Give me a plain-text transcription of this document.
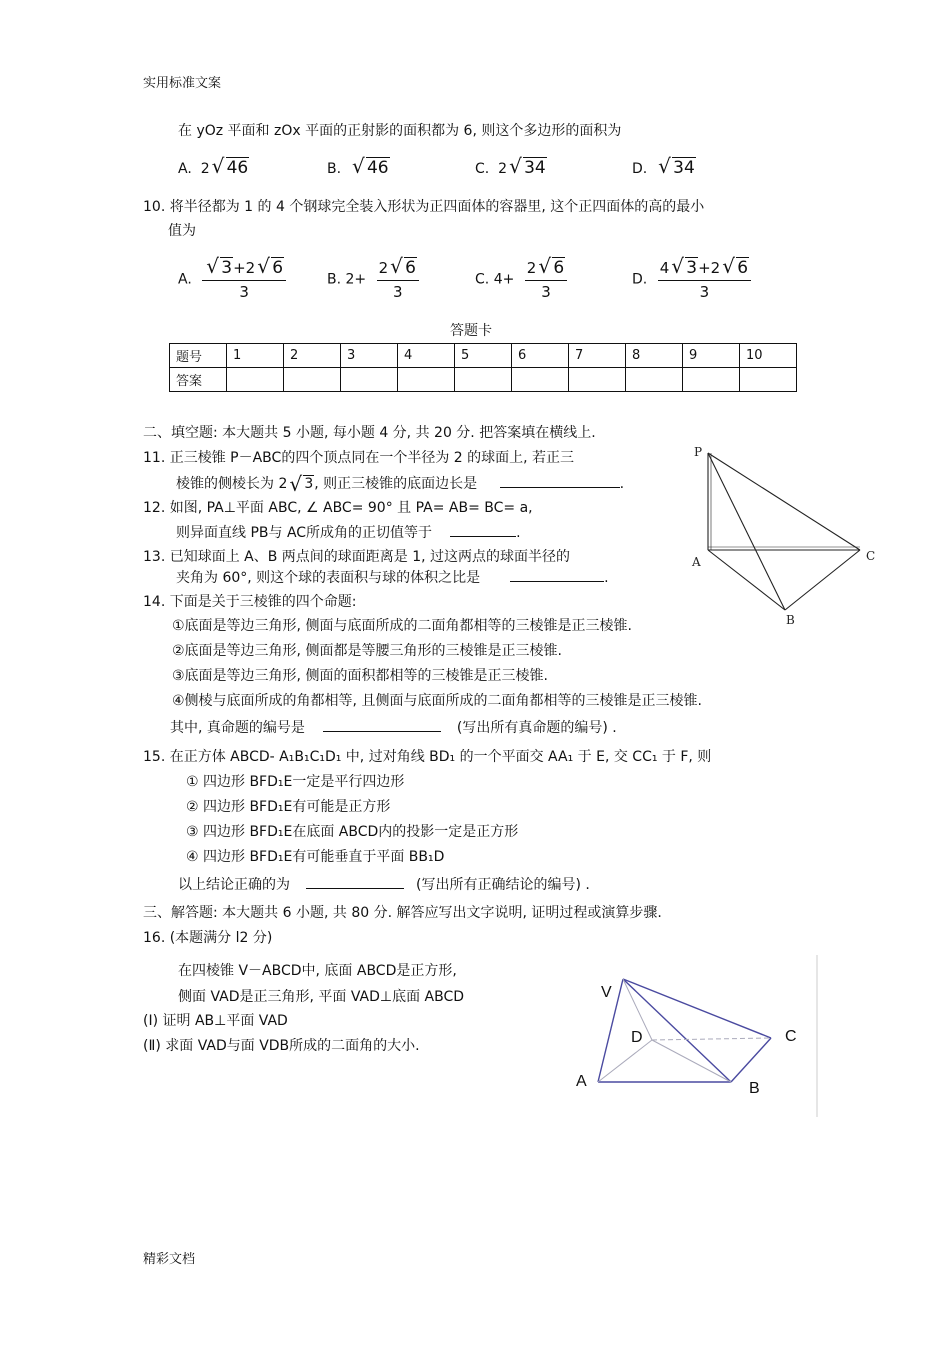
实用标准文案
在 yOz 平面和 zOx 平面的正射影的面积都为 6, 则这个多边形的面积为
A. 2 √ 46	B. √ 46	C. 2 √ 34	D. √ 34
10. 将半径都为 1 的 4 个钢球完全装入形状为正四面体的容器里, 这个正四面体的高的最小
值为
A. $\frac{√ 3+2 √ 6}{3}$	B. $2+ \frac{2 √ 6}{3}$	C. $4+ \frac{2 √ 6}{3}$	D. $\frac{4 √ 3+2 √ 6}{3}$
答题卡
题号	1	2	3	4	5	6	7	8	9	10
答案										
二、填空题: 本大题共 5 小题, 每小题 4 分, 共 20 分. 把答案填在横线上.
11. 正三棱锥 P－ABC的四个顶点同在一个半径为 2 的球面上, 若正三
棱锥的侧棱长为 2 √ 3, 则正三棱锥的底面边长是	.
12. 如图, PA⊥平面 ABC, ∠ ABC= 90° 且 PA= AB= BC= a,
则异面直线 PB与 AC所成角的正切值等于	.
13. 已知球面上 A、B 两点间的球面距离是 1, 过这两点的球面半径的
夹角为 60°, 则这个球的表面积与球的体积之比是	.
14. 下面是关于三棱锥的四个命题:
①底面是等边三角形, 侧面与底面所成的二面角都相等的三棱锥是正三棱锥.
②底面是等边三角形, 侧面都是等腰三角形的三棱锥是正三棱锥.
③底面是等边三角形, 侧面的面积都相等的三棱锥是正三棱锥.
④侧棱与底面所成的角都相等, 且侧面与底面所成的二面角都相等的三棱锥是正三棱锥.
其中, 真命题的编号是	(写出所有真命题的编号) .
15. 在正方体 ABCD- A₁B₁C₁D₁ 中, 过对角线 BD₁ 的一个平面交 AA₁ 于 E, 交 CC₁ 于 F, 则
① 四边形 BFD₁E一定是平行四边形
② 四边形 BFD₁E有可能是正方形
③ 四边形 BFD₁E在底面 ABCD内的投影一定是正方形
④ 四边形 BFD₁E有可能垂直于平面 BB₁D
以上结论正确的为	(写出所有正确结论的编号) .
三、解答题: 本大题共 6 小题, 共 80 分. 解答应写出文字说明, 证明过程或演算步骤.
16. (本题满分 l2 分)
在四棱锥 V－ABCD中, 底面 ABCD是正方形,
侧面 VAD是正三角形, 平面 VAD⊥底面 ABCD
(Ⅰ) 证明 AB⊥平面 VAD
(Ⅱ) 求面 VAD与面 VDB所成的二面角的大小.
P
A	C
B
V
D	C
A	B
精彩文档
